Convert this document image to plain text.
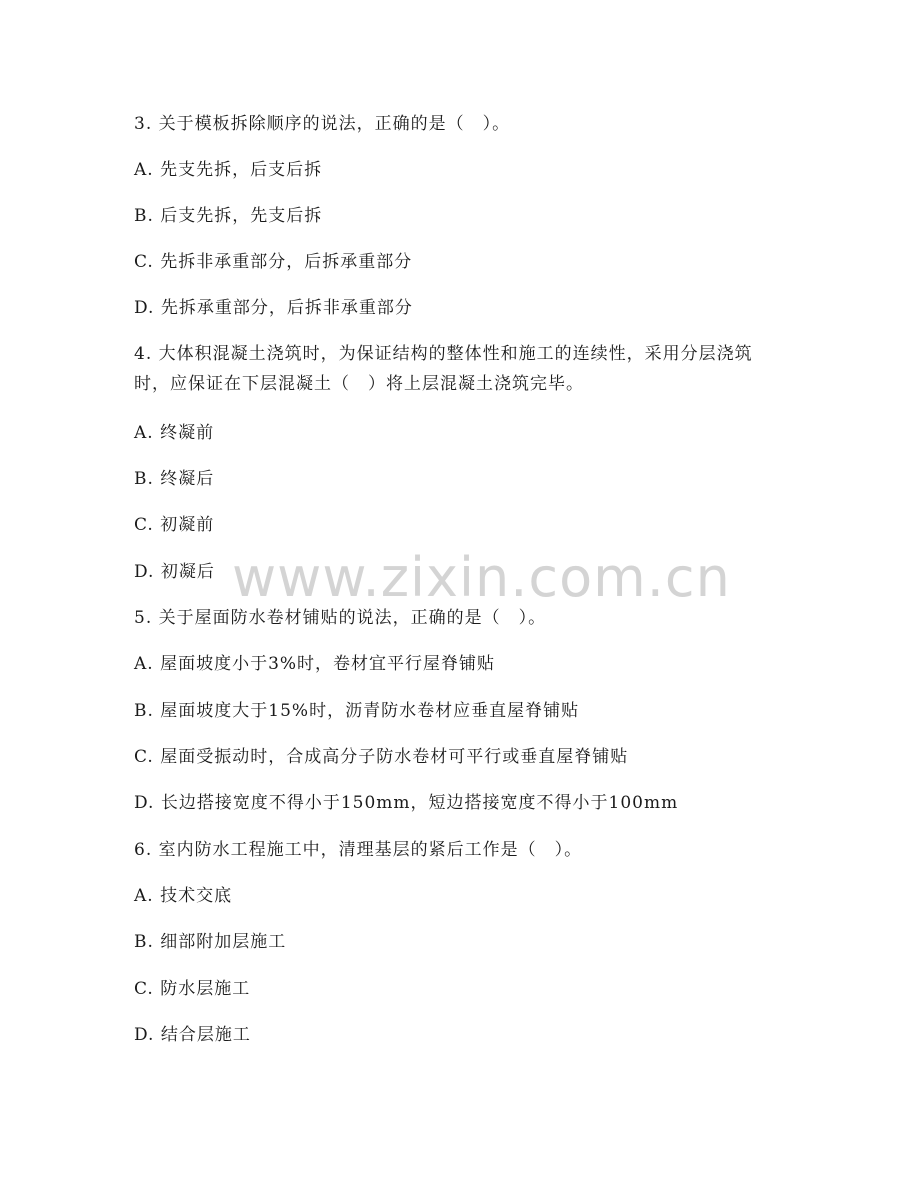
3. 关于模板拆除顺序的说法，正确的是（　）。
A. 先支先拆，后支后拆
B. 后支先拆，先支后拆
C. 先拆非承重部分，后拆承重部分
D. 先拆承重部分，后拆非承重部分
4. 大体积混凝土浇筑时，为保证结构的整体性和施工的连续性，采用分层浇筑时，应保证在下层混凝土（　）将上层混凝土浇筑完毕。
A. 终凝前
B. 终凝后
C. 初凝前
D. 初凝后
5. 关于屋面防水卷材铺贴的说法，正确的是（　）。
A. 屋面坡度小于3%时，卷材宜平行屋脊铺贴
B. 屋面坡度大于15%时，沥青防水卷材应垂直屋脊铺贴
C. 屋面受振动时，合成高分子防水卷材可平行或垂直屋脊铺贴
D. 长边搭接宽度不得小于150mm，短边搭接宽度不得小于100mm
6. 室内防水工程施工中，清理基层的紧后工作是（　）。
A. 技术交底
B. 细部附加层施工
C. 防水层施工
D. 结合层施工
www.zixin.com.cn
